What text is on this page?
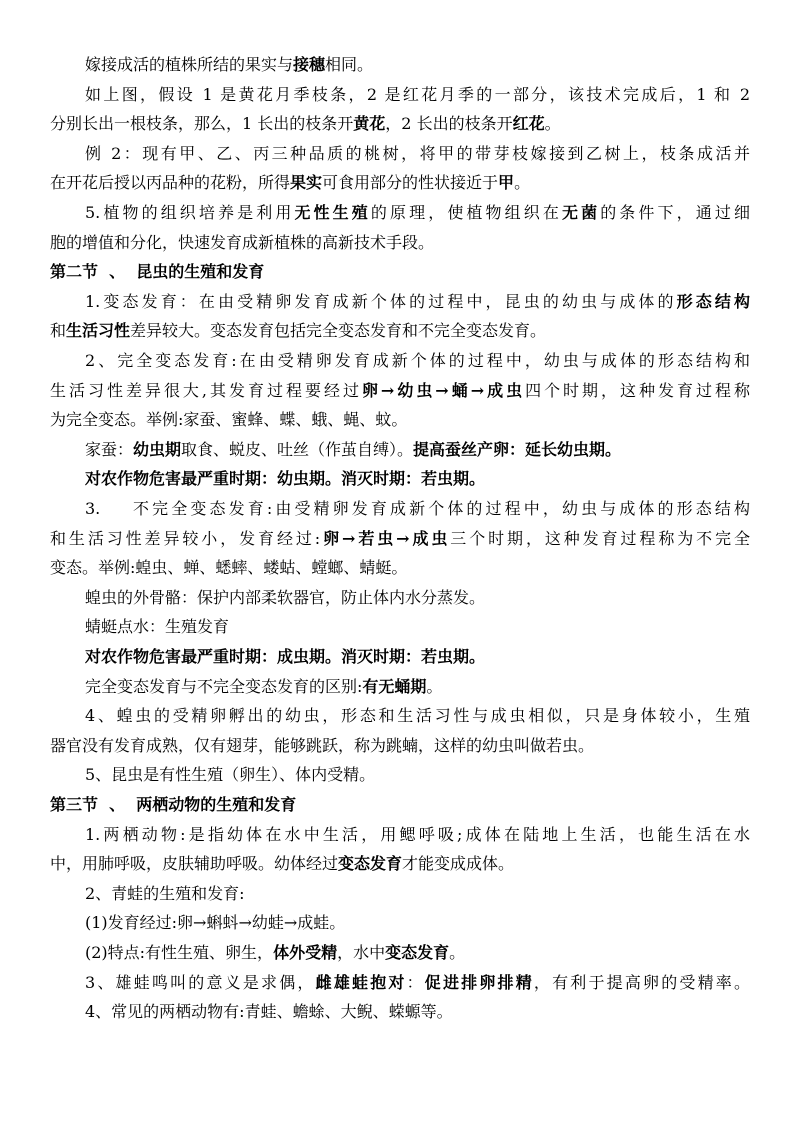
嫁接成活的植株所结的果实与接穗相同。
如上图，假设 1 是黄花月季枝条，2 是红花月季的一部分，该技术完成后，1 和 2
分别长出一根枝条，那么，1 长出的枝条开黄花，2 长出的枝条开红花。
例 2：现有甲、乙、丙三种品质的桃树，将甲的带芽枝嫁接到乙树上，枝条成活并
在开花后授以丙品种的花粉，所得果实可食用部分的性状接近于甲。
5.植物的组织培养是利用无性生殖的原理，使植物组织在无菌的条件下，通过细
胞的增值和分化，快速发育成新植株的高新技术手段。
第二节  、  昆虫的生殖和发育
1.变态发育：在由受精卵发育成新个体的过程中，昆虫的幼虫与成体的形态结构
和生活习性差异较大。变态发育包括完全变态发育和不完全变态发育。
2、完全变态发育:在由受精卵发育成新个体的过程中，幼虫与成体的形态结构和
生活习性差异很大,其发育过程要经过卵→幼虫→蛹→成虫四个时期，这种发育过程称
为完全变态。举例:家蚕、蜜蜂、蝶、蛾、蝇、蚊。
家蚕：幼虫期取食、蜕皮、吐丝（作茧自缚）。提高蚕丝产卵：延长幼虫期。
对农作物危害最严重时期：幼虫期。消灭时期：若虫期。
3.    不完全变态发育:由受精卵发育成新个体的过程中，幼虫与成体的形态结构
和生活习性差异较小，发育经过:卵→若虫→成虫三个时期，这种发育过程称为不完全
变态。举例:蝗虫、蝉、蟋蟀、蝼蛄、螳螂、蜻蜓。
蝗虫的外骨骼：保护内部柔软器官，防止体内水分蒸发。
蜻蜓点水：生殖发育
对农作物危害最严重时期：成虫期。消灭时期：若虫期。
完全变态发育与不完全变态发育的区别:有无蛹期。
4、蝗虫的受精卵孵出的幼虫，形态和生活习性与成虫相似，只是身体较小，生殖
器官没有发育成熟，仅有翅芽，能够跳跃，称为跳蝻，这样的幼虫叫做若虫。
5、昆虫是有性生殖（卵生）、体内受精。
第三节  、  两栖动物的生殖和发育
1.两栖动物:是指幼体在水中生活，用鳃呼吸;成体在陆地上生活，也能生活在水
中，用肺呼吸，皮肤辅助呼吸。幼体经过变态发育才能变成成体。
2、青蛙的生殖和发育:
(1)发育经过:卵→蝌蚪→幼蛙→成蛙。
(2)特点:有性生殖、卵生，体外受精，水中变态发育。
3、雄蛙鸣叫的意义是求偶，雌雄蛙抱对：促进排卵排精，有利于提高卵的受精率。
4、常见的两栖动物有:青蛙、蟾蜍、大鲵、蝾螈等。
